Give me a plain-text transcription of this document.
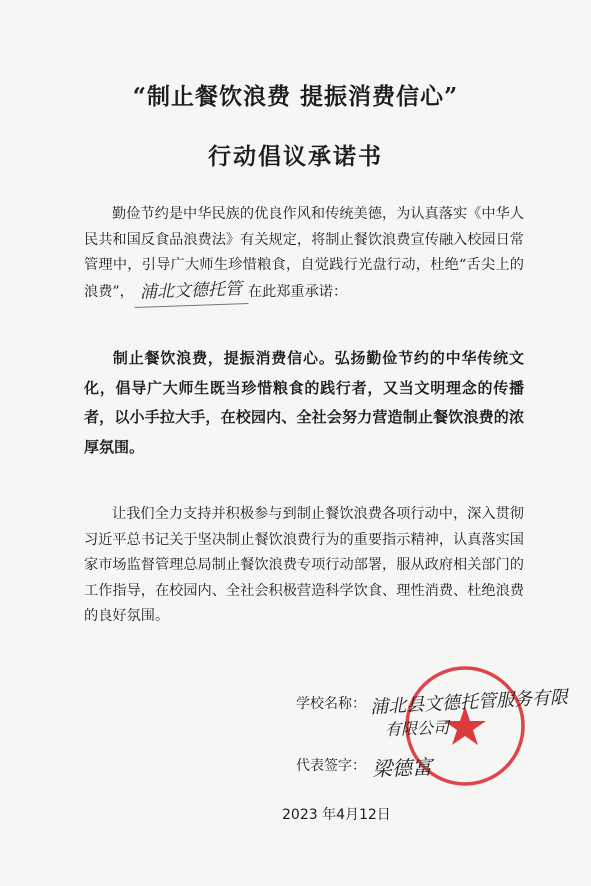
“制止餐饮浪费 提振消费信心”
行动倡议承诺书
勤俭节约是中华民族的优良作风和传统美德，为认真落实《中华人民共和国反食品浪费法》有关规定，将制止餐饮浪费宣传融入校园日常管理中，引导广大师生珍惜粮食，自觉践行光盘行动，杜绝“舌尖上的浪费”， 浦北文德托管 在此郑重承诺：
制止餐饮浪费，提振消费信心。弘扬勤俭节约的中华传统文化，倡导广大师生既当珍惜粮食的践行者，又当文明理念的传播者，以小手拉大手，在校园内、全社会努力营造制止餐饮浪费的浓厚氛围。
让我们全力支持并积极参与到制止餐饮浪费各项行动中，深入贯彻习近平总书记关于坚决制止餐饮浪费行为的重要指示精神，认真落实国家市场监督管理总局制止餐饮浪费专项行动部署，服从政府相关部门的工作指导，在校园内、全社会积极营造科学饮食、理性消费、杜绝浪费的良好氛围。
学校名称： 浦北县文德托管服务有限
有限公司
代表签字： 梁德富
2023 年4月12日
